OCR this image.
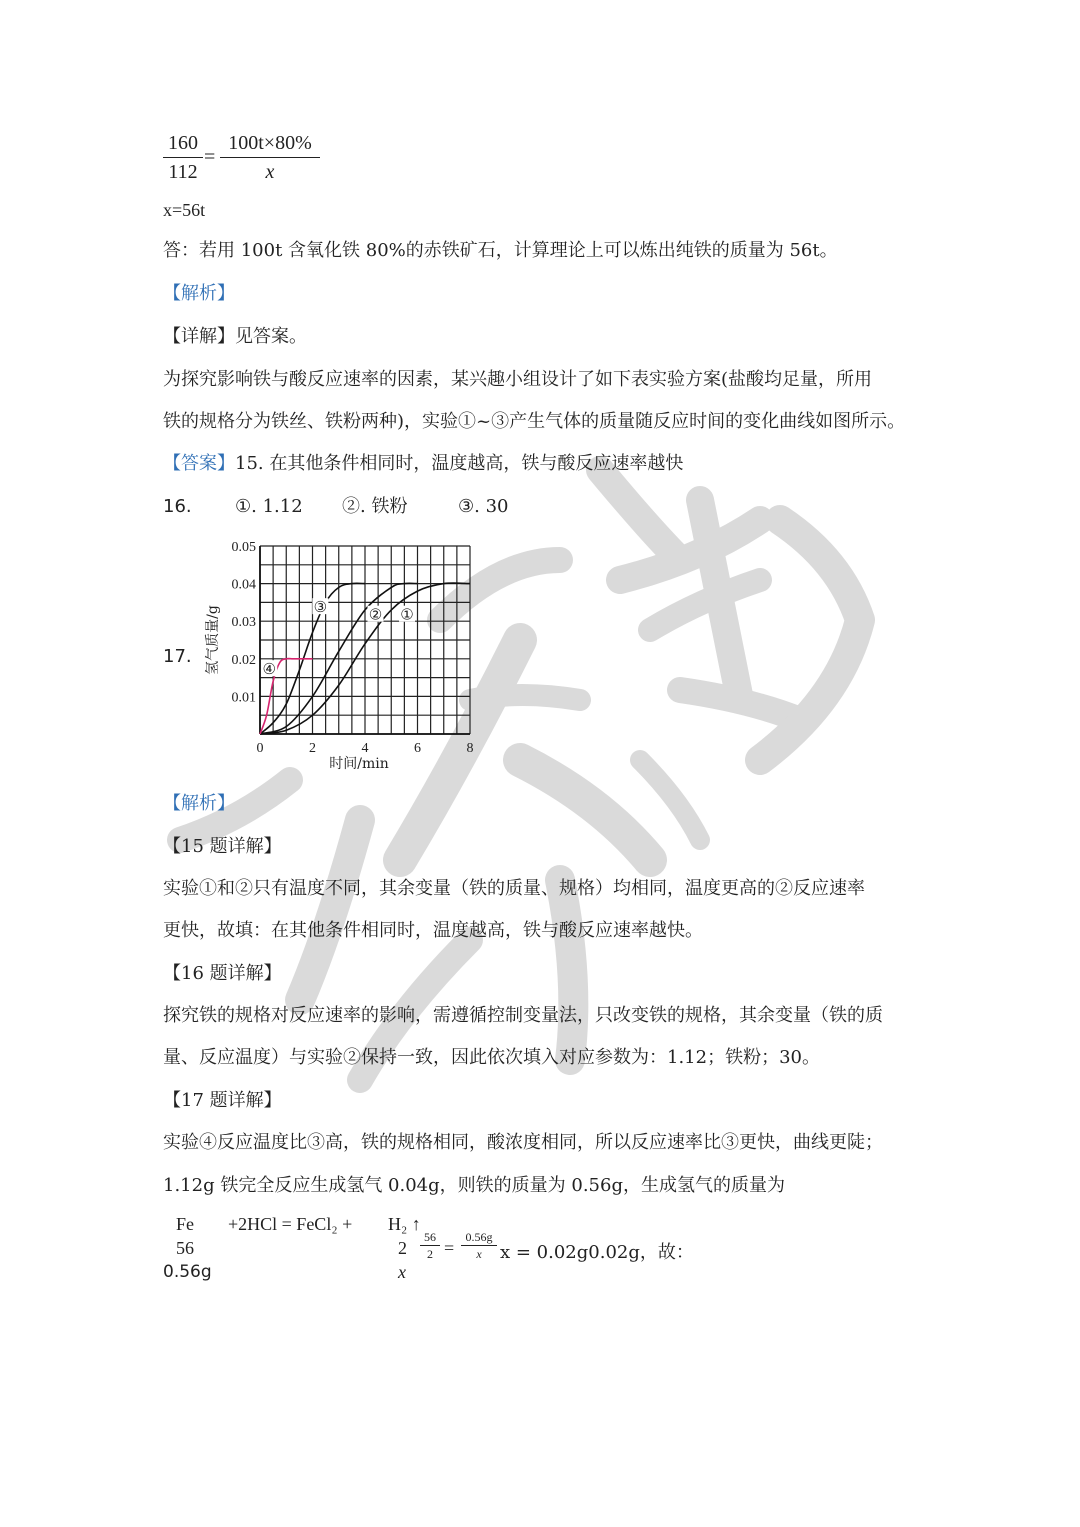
$\frac{160}{112} = \frac{100t\times 80\%}{x}$
x=56t
答：若用 100t 含氧化铁 80%的赤铁矿石，计算理论上可以炼出纯铁的质量为 56t。
【解析】
【详解】见答案。
为探究影响铁与酸反应速率的因素，某兴趣小组设计了如下表实验方案(盐酸均足量，所用
铁的规格分为铁丝、铁粉两种)，实验①~③产生气体的质量随反应时间的变化曲线如图所示。
【答案】15. 在其他条件相同时，温度越高，铁与酸反应速率越快
16. ①. 1.12 ②. 铁粉	③. 30
17.
0	2	4	6	8
0.01
0.02
0.03
0.04
0.05
时间/min
氢气质量/g	①
②
③
④
【解析】
【15 题详解】
实验①和②只有温度不同，其余变量（铁的质量、规格）均相同，温度更高的②反应速率
更快，故填：在其他条件相同时，温度越高，铁与酸反应速率越快。
【16 题详解】
探究铁的规格对反应速率的影响，需遵循控制变量法，只改变铁的规格，其余变量（铁的质
量、反应温度）与实验②保持一致，因此依次填入对应参数为：1.12；铁粉；30。
【17 题详解】
实验④反应温度比③高，铁的规格相同，酸浓度相同，所以反应速率比③更快，曲线更陡；
1.12g 铁完全反应生成氢气 0.04g，则铁的质量为 0.56g，生成氢气的质量为
Fe +2HCl = FeCl₂ + H₂ ↑
56	2
0.56g	x
$\frac{56}{2} = \frac{0.56g}{x}$ x = 0.02g0.02g，故：
